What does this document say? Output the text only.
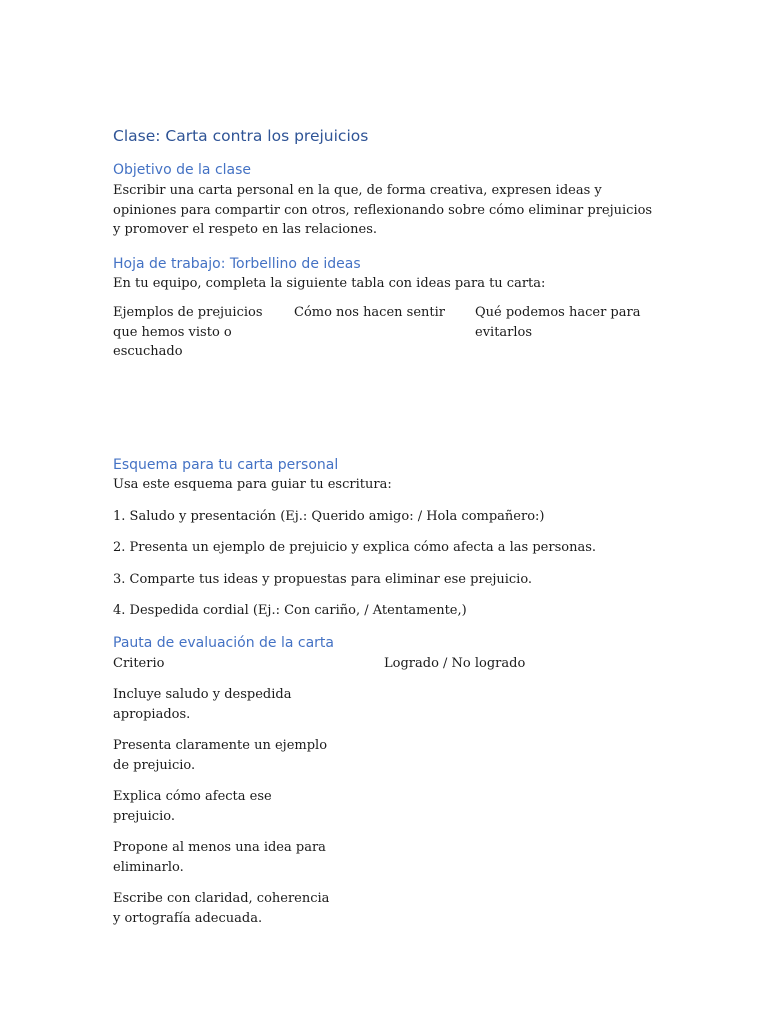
Clase: Carta contra los prejuicios
Objetivo de la clase

Escribir una carta personal en la que, de forma creativa, expresen ideas y opiniones para compartir con otros, reflexionando sobre cómo eliminar prejuicios y promover el respeto en las relaciones.

Hoja de trabajo: Torbellino de ideas

En tu equipo, completa la siguiente tabla con ideas para tu carta:

Ejemplos de prejuicios que hemos visto o escuchado
Cómo nos hacen sentir	Qué podemos hacer para evitarlos
Esquema para tu carta personal

Usa este esquema para guiar tu escritura:

1. Saludo y presentación (Ej.: Querido amigo: / Hola compañero:)

2. Presenta un ejemplo de prejuicio y explica cómo afecta a las personas.

3. Comparte tus ideas y propuestas para eliminar ese prejuicio.

4. Despedida cordial (Ej.: Con cariño, / Atentamente,)

Pauta de evaluación de la carta
Criterio	Logrado / No logrado
Incluye saludo y despedida apropiados.
Presenta claramente un ejemplo de prejuicio.
Explica cómo afecta ese prejuicio.
Propone al menos una idea para eliminarlo.
Escribe con claridad, coherencia y ortografía adecuada.
